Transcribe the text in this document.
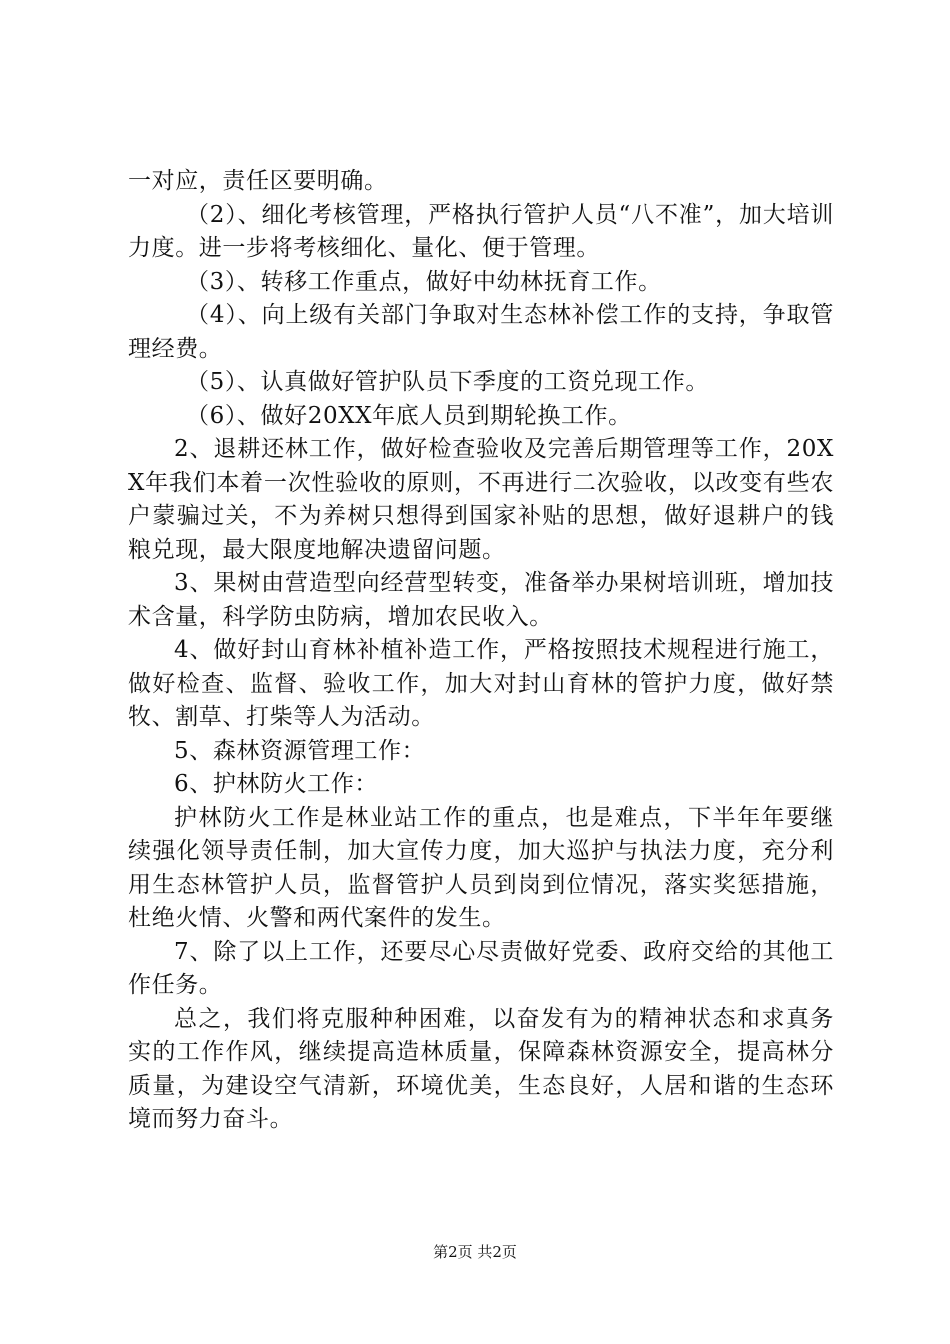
一对应，责任区要明确。

（2）、细化考核管理，严格执行管护人员“八不准”，加大培训力度。进一步将考核细化、量化、便于管理。

（3）、转移工作重点，做好中幼林抚育工作。

（4）、向上级有关部门争取对生态林补偿工作的支持，争取管理经费。

（5）、认真做好管护队员下季度的工资兑现工作。

（6）、做好20XX年底人员到期轮换工作。

2、退耕还林工作，做好检查验收及完善后期管理等工作，20XX年我们本着一次性验收的原则，不再进行二次验收，以改变有些农户蒙骗过关，不为养树只想得到国家补贴的思想，做好退耕户的钱粮兑现，最大限度地解决遗留问题。

3、果树由营造型向经营型转变，准备举办果树培训班，增加技术含量，科学防虫防病，增加农民收入。

4、做好封山育林补植补造工作，严格按照技术规程进行施工，做好检查、监督、验收工作，加大对封山育林的管护力度，做好禁牧、割草、打柴等人为活动。

5、森林资源管理工作：

6、护林防火工作：

护林防火工作是林业站工作的重点，也是难点，下半年年要继续强化领导责任制，加大宣传力度，加大巡护与执法力度，充分利用生态林管护人员，监督管护人员到岗到位情况，落实奖惩措施，杜绝火情、火警和两代案件的发生。

7、除了以上工作，还要尽心尽责做好党委、政府交给的其他工作任务。

总之，我们将克服种种困难，以奋发有为的精神状态和求真务实的工作作风，继续提高造林质量，保障森林资源安全，提高林分质量，为建设空气清新，环境优美，生态良好，人居和谐的生态环境而努力奋斗。

第2页 共2页
